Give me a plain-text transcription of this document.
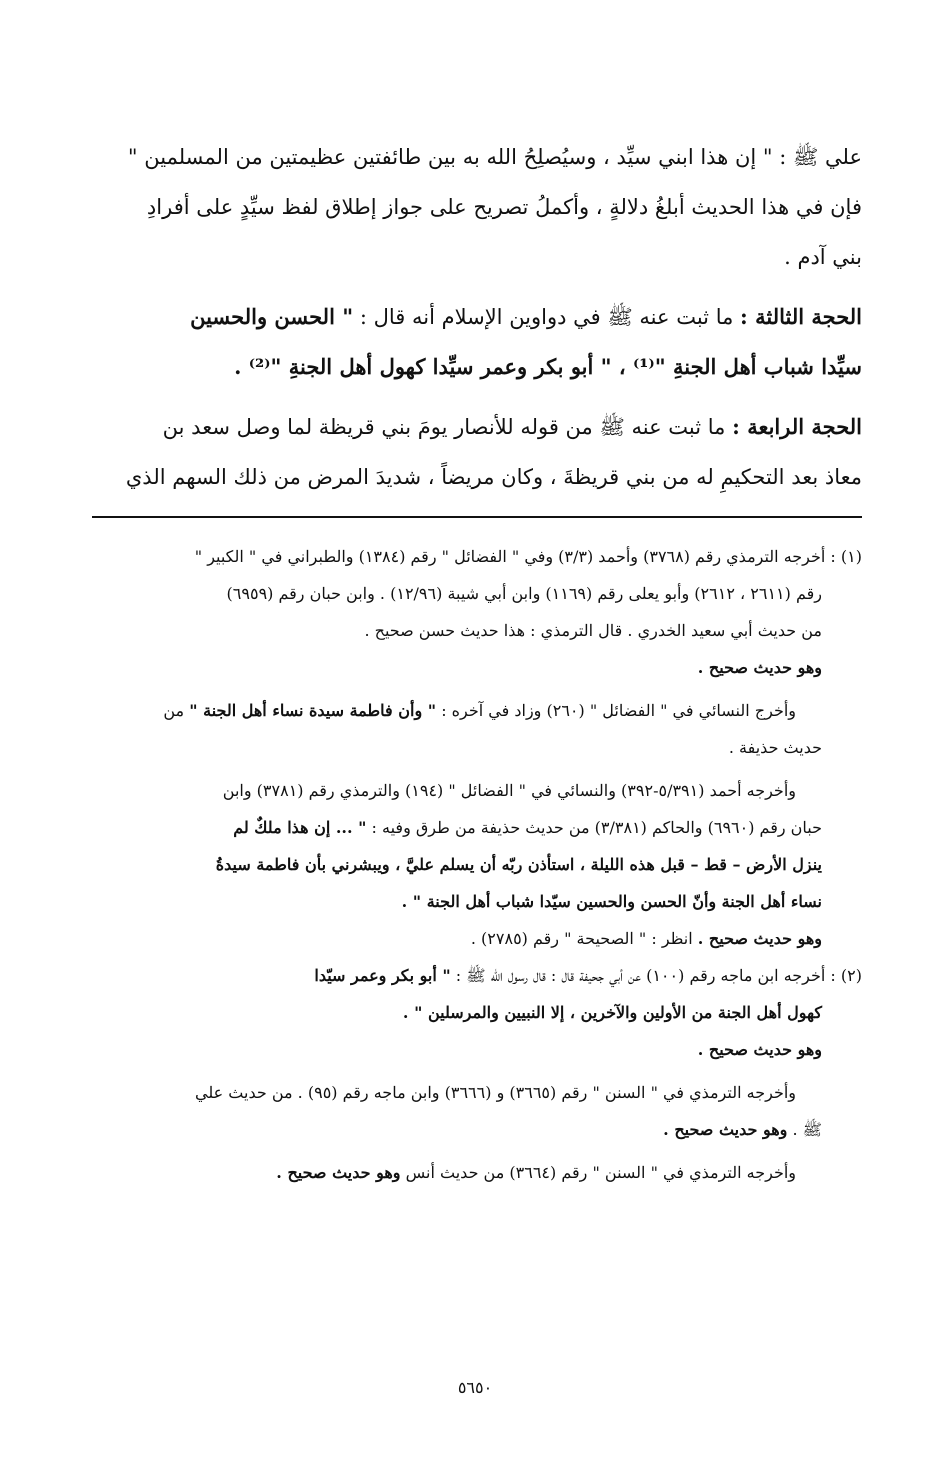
علي ﷺ : " إن هذا ابني سيِّد ، وسيُصلِحُ الله به بين طائفتين عظيمتين من المسلمين "
فإن في هذا الحديث أبلغُ دلالةٍ ، وأكملُ تصريح على جواز إطلاق لفظ سيِّدٍ على أفرادِ
بني آدم .
الحجة الثالثة : ما ثبت عنه ﷺ في دواوين الإسلام أنه قال : " الحسن والحسين
سيِّدا شباب أهل الجنةِ "⁽¹⁾ ، " أبو بكر وعمر سيِّدا كهول أهل الجنةِ "⁽²⁾ .
الحجة الرابعة : ما ثبت عنه ﷺ من قوله للأنصار يومَ بني قريظة لما وصل سعد بن
معاذ بعد التحكيمِ له من بني قريظةَ ، وكان مريضاً ، شديدَ المرض من ذلك السهم الذي
(١) : أخرجه الترمذي رقم (٣٧٦٨) وأحمد (٣/٣) وفي " الفضائل " رقم (١٣٨٤) والطبراني في " الكبير "
رقم (٢٦١١ ، ٢٦١٢) وأبو يعلى رقم (١١٦٩) وابن أبي شيبة (١٢/٩٦) . وابن حبان رقم (٦٩٥٩)
من حديث أبي سعيد الخدري . قال الترمذي : هذا حديث حسن صحيح .
وهو حديث صحيح .
وأخرج النسائي في " الفضائل " (٢٦٠) وزاد في آخره : " وأن فاطمة سيدة نساء أهل الجنة " من
حديث حذيفة .
وأخرجه أحمد (٥/٣٩١-٣٩٢) والنسائي في " الفضائل " (١٩٤) والترمذي رقم (٣٧٨١) وابن
حبان رقم (٦٩٦٠) والحاكم (٣/٣٨١) من حديث حذيفة من طرق وفيه : " ... إن هذا ملكٌ لم
ينزل الأرض – قط – قبل هذه الليلة ، استأذن ربّه أن يسلم عليَّ ، ويبشرني بأن فاطمة سيدةُ
نساء أهل الجنة وأنّ الحسن والحسين سيّدا شباب أهل الجنة " .
وهو حديث صحيح . انظر : " الصحيحة " رقم (٢٧٨٥) .
(٢) : أخرجه ابن ماجه رقم (١٠٠) عن أبي جحيفة قال : قال رسول الله ﷺ : " أبو بكر وعمر سيّدا
كهول أهل الجنة من الأولين والآخرين ، إلا النبيين والمرسلين " .
وهو حديث صحيح .
وأخرجه الترمذي في " السنن " رقم (٣٦٦٥) و (٣٦٦٦) وابن ماجه رقم (٩٥) . من حديث علي
ﷺ . وهو حديث صحيح .
وأخرجه الترمذي في " السنن " رقم (٣٦٦٤) من حديث أنس وهو حديث صحيح .
٥٦٥٠
